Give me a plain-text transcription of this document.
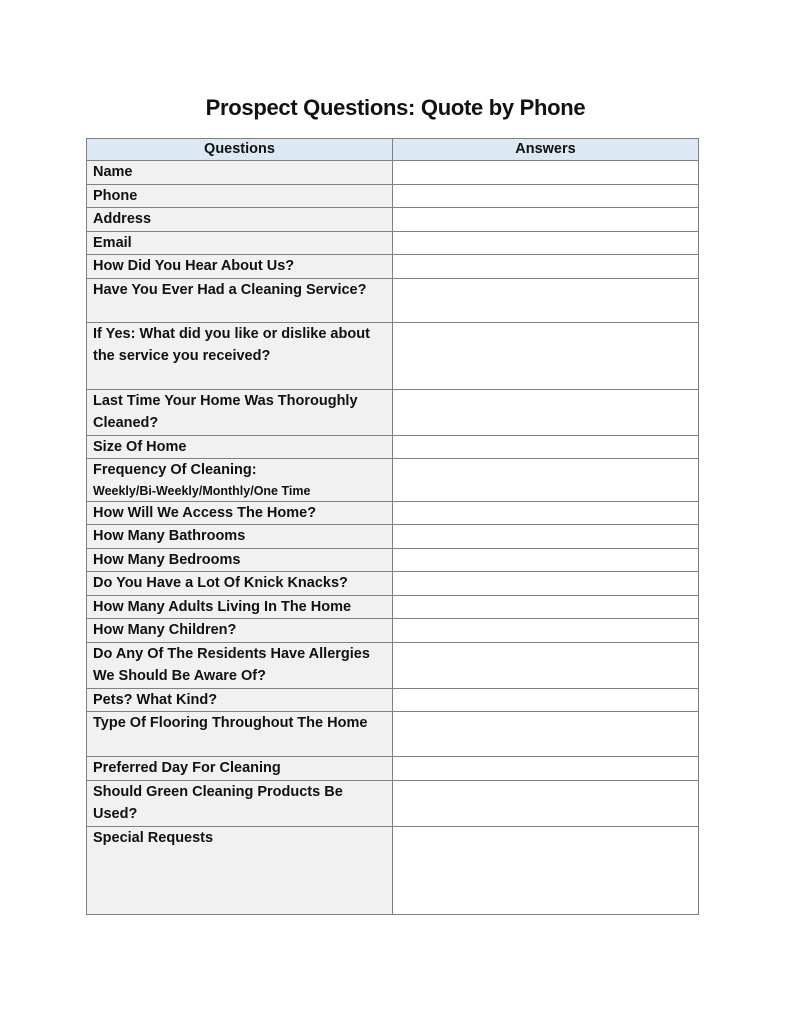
Prospect Questions: Quote by Phone
Questions	Answers
Name	
Phone	
Address	
Email	
How Did You Hear About Us?	
Have You Ever Had a Cleaning Service?	
If Yes: What did you like or dislike about the service you received?	
Last Time Your Home Was Thoroughly Cleaned?	
Size Of Home	
Frequency Of Cleaning:
Weekly/Bi-Weekly/Monthly/One Time	

How Will We Access The Home?	
How Many Bathrooms	
How Many Bedrooms	
Do You Have a Lot Of Knick Knacks?	
How Many Adults Living In The Home	
How Many Children?	
Do Any Of The Residents Have Allergies We Should Be Aware Of?	
Pets? What Kind?	
Type Of Flooring Throughout The Home	
Preferred Day For Cleaning	
Should Green Cleaning Products Be Used?	
Special Requests	
